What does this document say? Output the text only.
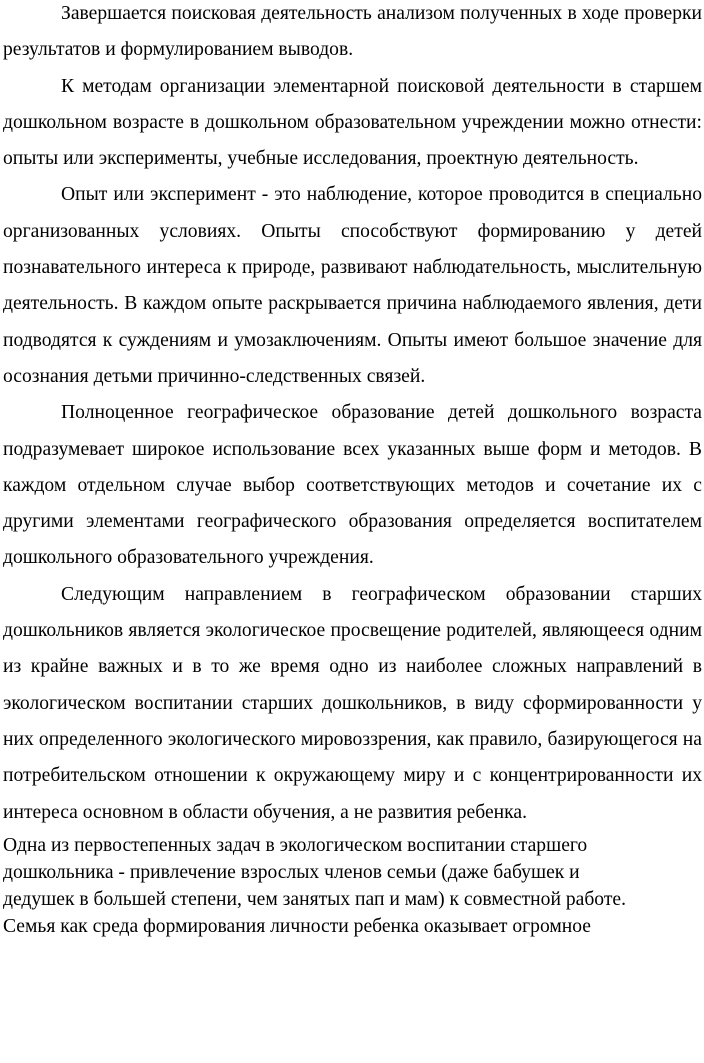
Завершается поисковая деятельность анализом полученных в ходе проверки результатов и формулированием выводов.

К методам организации элементарной поисковой деятельности в старшем дошкольном возрасте в дошкольном образовательном учреждении можно отнести: опыты или эксперименты, учебные исследования, проектную деятельность.

Опыт или эксперимент - это наблюдение, которое проводится в специально организованных условиях. Опыты способствуют формированию у детей познавательного интереса к природе, развивают наблюдательность, мыслительную деятельность. В каждом опыте раскрывается причина наблюдаемого явления, дети подводятся к суждениям и умозаключениям. Опыты имеют большое значение для осознания детьми причинно-следственных связей.

Полноценное географическое образование детей дошкольного возраста подразумевает широкое использование всех указанных выше форм и методов. В каждом отдельном случае выбор соответствующих методов и сочетание их с другими элементами географического образования определяется воспитателем дошкольного образовательного учреждения.

Следующим направлением в географическом образовании старших дошкольников является экологическое просвещение родителей, являющееся одним из крайне важных и в то же время одно из наиболее сложных направлений в экологическом воспитании старших дошкольников, в виду сформированности у них определенного экологического мировоззрения, как правило, базирующегося на потребительском отношении к окружающему миру и с концентрированности их интереса основном в области обучения, а не развития ребенка.

Одна из первостепенных задач в экологическом воспитании старшего дошкольника - привлечение взрослых членов семьи (даже бабушек и дедушек в большей степени, чем занятых пап и мам) к совместной работе. Семья как среда формирования личности ребенка оказывает огромное
